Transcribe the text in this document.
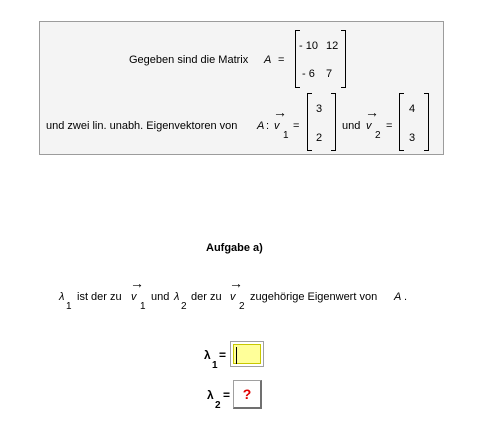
Gegeben sind die Matrix A =
- 10 12
- 6 7
und zwei lin. unabh. Eigenvektoren von A :
→
v
1
=
3
2
und
→
v
2
=
4
3
Aufgabe a)
λ
1
ist der zu
→
v
1
und λ
2
der zu
→
v
2
zugehörige Eigenwert von A .
λ
1
=
λ
2
= ?
